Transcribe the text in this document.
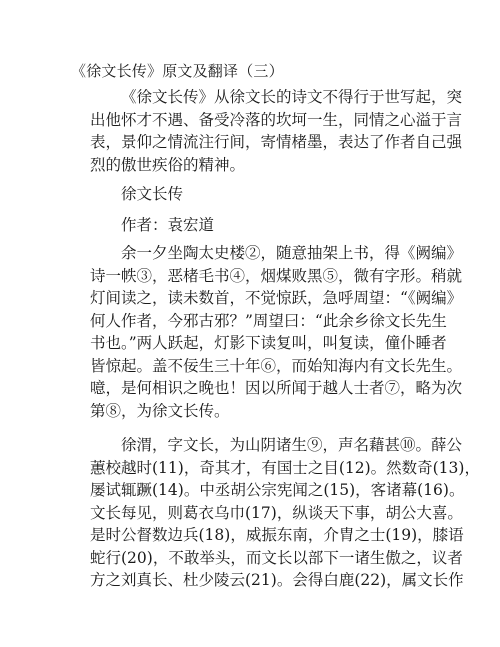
《徐文长传》原文及翻译（三）
《徐文长传》从徐文长的诗文不得行于世写起，突
出他怀才不遇、备受冷落的坎坷一生，同情之心溢于言
表，景仰之情流注行间，寄情楮墨，表达了作者自己强
烈的傲世疾俗的精神。
徐文长传
作者：袁宏道
余一夕坐陶太史楼②，随意抽架上书，得《阙编》
诗一帙③，恶楮毛书④，烟煤败黑⑤，微有字形。稍就
灯间读之，读未数首，不觉惊跃，急呼周望：“《阙编》
何人作者，今邪古邪？”周望曰：“此余乡徐文长先生
书也。”两人跃起，灯影下读复叫，叫复读，僮仆睡者
皆惊起。盖不佞生三十年⑥，而始知海内有文长先生。
噫，是何相识之晚也！因以所闻于越人士者⑦，略为次
第⑧，为徐文长传。
徐渭，字文长，为山阴诸生⑨，声名藉甚⑩。薛公
蕙校越时(11)，奇其才，有国士之目(12)。然数奇(13)，
屡试辄蹶(14)。中丞胡公宗宪闻之(15)，客诸幕(16)。
文长每见，则葛衣乌巾(17)，纵谈天下事，胡公大喜。
是时公督数边兵(18)，威振东南，介胄之士(19)，膝语
蛇行(20)，不敢举头，而文长以部下一诸生傲之，议者
方之刘真长、杜少陵云(21)。会得白鹿(22)，属文长作
